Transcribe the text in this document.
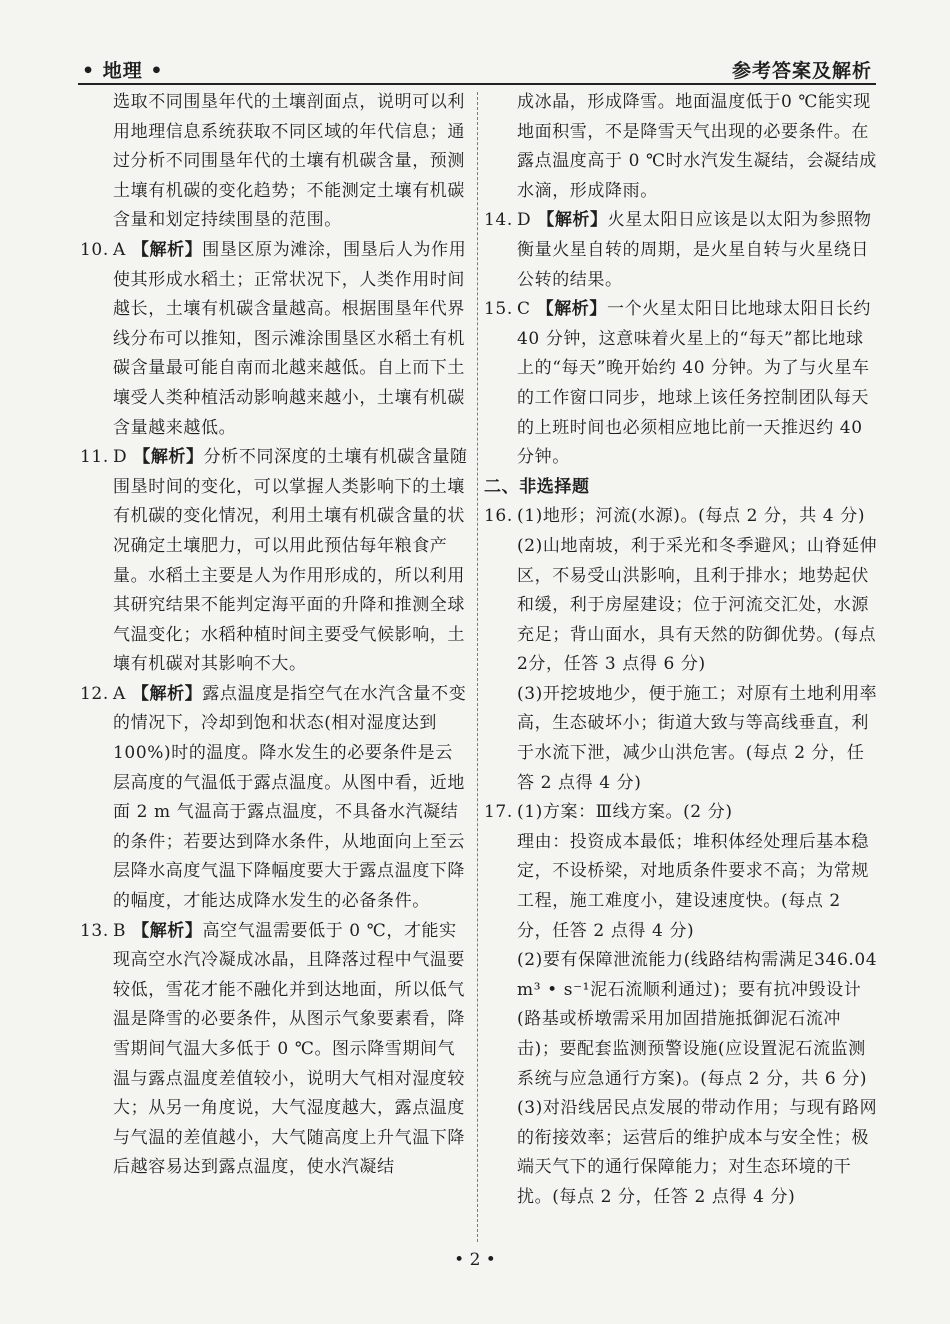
• 地理 •	参考答案及解析

选取不同围垦年代的土壤剖面点，说明可以利用地理信息系统获取不同区域的年代信息；通过分析不同围垦年代的土壤有机碳含量，预测土壤有机碳的变化趋势；不能测定土壤有机碳含量和划定持续围垦的范围。

10. A 【解析】围垦区原为滩涂，围垦后人为作用使其形成水稻土；正常状况下，人类作用时间越长，土壤有机碳含量越高。根据围垦年代界线分布可以推知，图示滩涂围垦区水稻土有机碳含量最可能自南而北越来越低。自上而下土壤受人类种植活动影响越来越小，土壤有机碳含量越来越低。
11. D 【解析】分析不同深度的土壤有机碳含量随围垦时间的变化，可以掌握人类影响下的土壤有机碳的变化情况，利用土壤有机碳含量的状况确定土壤肥力，可以用此预估每年粮食产量。水稻土主要是人为作用形成的，所以利用其研究结果不能判定海平面的升降和推测全球气温变化；水稻种植时间主要受气候影响，土壤有机碳对其影响不大。
12. A 【解析】露点温度是指空气在水汽含量不变的情况下，冷却到饱和状态(相对湿度达到100%)时的温度。降水发生的必要条件是云层高度的气温低于露点温度。从图中看，近地面 2 m 气温高于露点温度，不具备水汽凝结的条件；若要达到降水条件，从地面向上至云层降水高度气温下降幅度要大于露点温度下降的幅度，才能达成降水发生的必备条件。
13. B 【解析】高空气温需要低于 0 ℃，才能实现高空水汽冷凝成冰晶，且降落过程中气温要较低，雪花才能不融化并到达地面，所以低气温是降雪的必要条件，从图示气象要素看，降雪期间气温大多低于 0 ℃。图示降雪期间气温与露点温度差值较小，说明大气相对湿度较大；从另一角度说，大气湿度越大，露点温度与气温的差值越小，大气随高度上升气温下降后越容易达到露点温度，使水汽凝结

成冰晶，形成降雪。地面温度低于0 ℃能实现地面积雪，不是降雪天气出现的必要条件。在露点温度高于 0 ℃时水汽发生凝结，会凝结成水滴，形成降雨。

14. D 【解析】火星太阳日应该是以太阳为参照物衡量火星自转的周期，是火星自转与火星绕日公转的结果。
15. C 【解析】一个火星太阳日比地球太阳日长约 40 分钟，这意味着火星上的“每天”都比地球上的“每天”晚开始约 40 分钟。为了与火星车的工作窗口同步，地球上该任务控制团队每天的上班时间也必须相应地比前一天推迟约 40 分钟。
二、非选择题
16. (1)地形；河流(水源)。(每点 2 分，共 4 分)

(2)山地南坡，利于采光和冬季避风；山脊延伸区，不易受山洪影响，且利于排水；地势起伏和缓，利于房屋建设；位于河流交汇处，水源充足；背山面水，具有天然的防御优势。(每点2分，任答 3 点得 6 分)

(3)开挖坡地少，便于施工；对原有土地利用率高，生态破坏小；街道大致与等高线垂直，利于水流下泄，减少山洪危害。(每点 2 分，任答 2 点得 4 分)

17. (1)方案：Ⅲ线方案。(2 分)

理由：投资成本最低；堆积体经处理后基本稳定，不设桥梁，对地质条件要求不高；为常规工程，施工难度小，建设速度快。(每点 2 分，任答 2 点得 4 分)

(2)要有保障泄流能力(线路结构需满足346.04 m³ • s⁻¹泥石流顺利通过)；要有抗冲毁设计(路基或桥墩需采用加固措施抵御泥石流冲击)；要配套监测预警设施(应设置泥石流监测系统与应急通行方案)。(每点 2 分，共 6 分)

(3)对沿线居民点发展的带动作用；与现有路网的衔接效率；运营后的维护成本与安全性；极端天气下的通行保障能力；对生态环境的干扰。(每点 2 分，任答 2 点得 4 分)

• 2 •
